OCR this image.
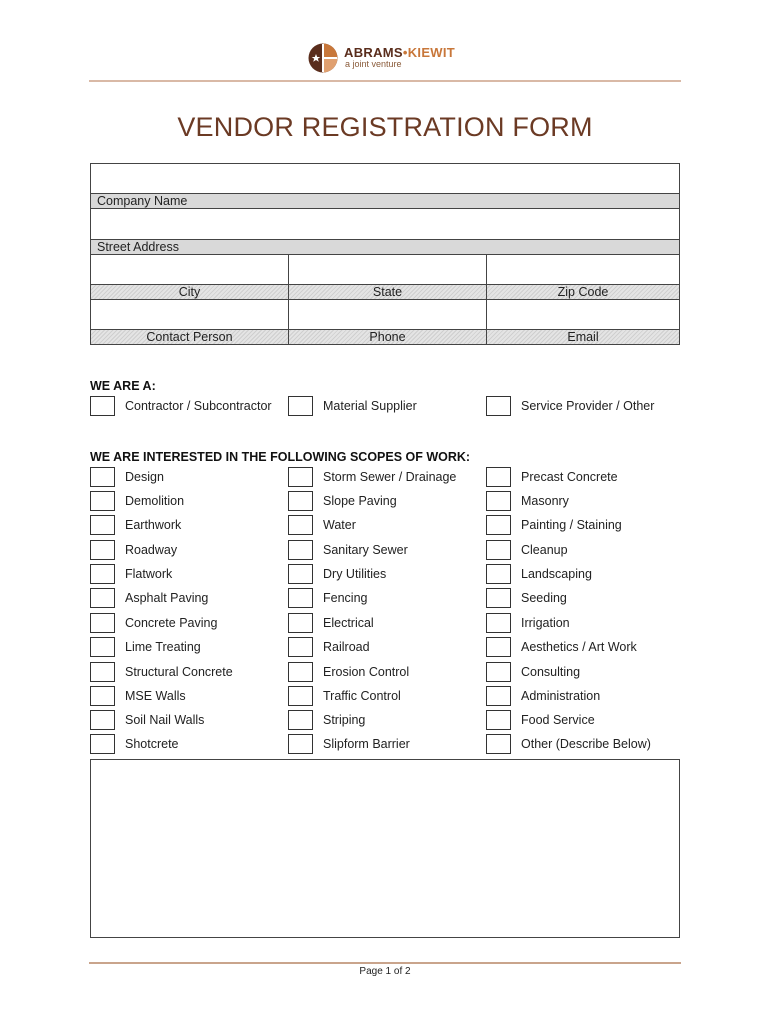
ABRAMS•KIEWIT
a joint venture
VENDOR REGISTRATION FORM
Company Name
Street Address
City	State	Zip Code
Contact Person	Phone	Email
WE ARE A:
Contractor / Subcontractor	Material Supplier	Service Provider / Other
WE ARE INTERESTED IN THE FOLLOWING SCOPES OF WORK:
Design	Storm Sewer / Drainage	Precast Concrete
Demolition	Slope Paving	Masonry
Earthwork	Water	Painting / Staining
Roadway	Sanitary Sewer	Cleanup
Flatwork	Dry Utilities	Landscaping
Asphalt Paving	Fencing	Seeding
Concrete Paving	Electrical	Irrigation
Lime Treating	Railroad	Aesthetics / Art Work
Structural Concrete	Erosion Control	Consulting
MSE Walls	Traffic Control	Administration
Soil Nail Walls	Striping	Food Service
Shotcrete	Slipform Barrier	Other (Describe Below)
Page 1 of 2
